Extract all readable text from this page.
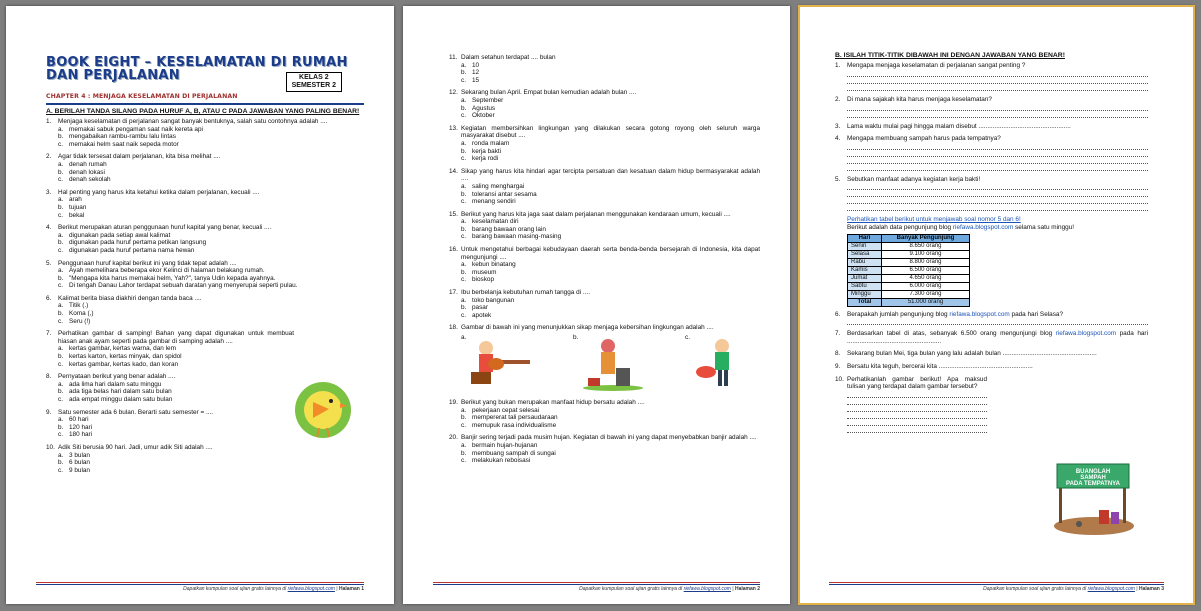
BOOK EIGHT – KESELAMATAN DI RUMAH
DAN PERJALANAN	KELAS 2
SEMESTER 2
CHAPTER 4 : MENJAGA KESELAMATAN DI PERJALANAN
A. BERILAH TANDA SILANG PADA HURUF A, B, ATAU C PADA JAWABAN YANG PALING BENAR!
1.	Menjaga keselamatan di perjalanan sangat banyak bentuknya, salah satu contohnya adalah ....
a. memakai sabuk pengaman saat naik kereta api
b. mengabaikan rambu-rambu lalu lintas
c. memakai helm saat naik sepeda motor
2.	Agar tidak tersesat dalam perjalanan, kita bisa melihat ....
a. denah rumah
b. denah lokasi
c. denah sekolah
3.	Hal penting yang harus kita ketahui ketika dalam perjalanan, kecuali ....
a. arah
b. tujuan
c. bekal
4.	Berikut merupakan aturan penggunaan huruf kapital yang benar, kecuali ....
a. digunakan pada setiap awal kalimat
b. digunakan pada huruf pertama petikan langsung
c. digunakan pada huruf pertama nama hewan
5.	Penggunaan huruf kapital berikut ini yang tidak tepat adalah ....
a. Ayah memelihara beberapa ekor Kelinci di halaman belakang rumah.
b. "Mengapa kita harus memakai helm, Yah?", tanya Udin kepada ayahnya.
c. Di tengah Danau Lahor terdapat sebuah daratan yang menyerupai seperti pulau.
6.	Kalimat berita biasa diakhiri dengan tanda baca ....
a. Titik (.)
b. Koma (,)
c. Seru (!)
7.	Perhatikan gambar di samping! Bahan yang dapat digunakan untuk membuat hiasan anak ayam seperti pada gambar di samping adalah ....
a. kertas gambar, kertas warna, dan lem
b. kertas karton, kertas minyak, dan spidol
c. kertas gambar, kertas kado, dan koran
8.	Pernyataan berikut yang benar adalah ....
a. ada lima hari dalam satu minggu
b. ada tiga belas hari dalam satu bulan
c. ada empat minggu dalam satu bulan
9.	Satu semester ada 6 bulan. Berarti satu semester = ....
a. 60 hari
b. 120 hari
c. 180 hari
10. Adik Siti berusia 90 hari. Jadi, umur adik Siti adalah ....
a. 3 bulan
b. 6 bulan
c. 9 bulan
Dapatkan kumpulan soal ujian gratis lainnya di riefawa.blogspot.com | Halaman 1
11. Dalam setahun terdapat .... bulan
a. 10
b. 12
c. 15
12. Sekarang bulan April. Empat bulan kemudian adalah bulan ....
a. September
b. Agustus
c. Oktober
13. Kegiatan membersihkan lingkungan yang dilakukan secara gotong royong oleh seluruh warga masyarakat disebut ....
a. ronda malam
b. kerja bakti
c. kerja rodi
14. Sikap yang harus kita hindari agar tercipta persatuan dan kesatuan dalam hidup bermasyarakat adalah ....
a. saling menghargai
b. toleransi antar sesama
c. menang sendiri
15. Berikut yang harus kita jaga saat dalam perjalanan menggunakan kendaraan umum, kecuali ....
a. keselamatan diri
b. barang bawaan orang lain
c. barang bawaan masing-masing
16. Untuk mengetahui berbagai kebudayaan daerah serta benda-benda bersejarah di Indonesia, kita dapat mengunjungi ....
a. kebun binatang
b. museum
c. bioskop
17. Ibu berbelanja kebutuhan rumah tangga di ....
a. toko bangunan
b. pasar
c. apotek
18. Gambar di bawah ini yang menunjukkan sikap menjaga kebersihan lingkungan adalah ....
a.	b.	c.
19. Berikut yang bukan merupakan manfaat hidup bersatu adalah ....
a. pekerjaan cepat selesai
b. mempererat tali persaudaraan
c. memupuk rasa individualisme
20. Banjir sering terjadi pada musim hujan. Kegiatan di bawah ini yang dapat menyebabkan banjir adalah ....
a. bermain hujan-hujanan
b. membuang sampah di sungai
c. melakukan reboisasi
Dapatkan kumpulan soal ujian gratis lainnya di riefawa.blogspot.com | Halaman 2
B. ISILAH TITIK-TITIK DIBAWAH INI DENGAN JAWABAN YANG BENAR!
1.	Mengapa menjaga keselamatan di perjalanan sangat penting ?
2.	Di mana sajakah kita harus menjaga keselamatan?
3.	Lama waktu mulai pagi hingga malam disebut ....................................................
4.	Mengapa membuang sampah harus pada tempatnya?
5.	Sebutkan manfaat adanya kegiatan kerja bakti!
Perhatikan tabel berikut untuk menjawab soal nomor 5 dan 6!
Berikut adalah data pengunjung blog riefawa.blogspot.com selama satu minggu!
Hari	Banyak Pengunjung
Senin	8.650 orang
Selasa	9.100 orang
Rabu	8.800 orang
Kamis	6.500 orang
Jumat	4.650 orang
Sabtu	6.000 orang
Minggu	7.300 orang
Total	51.000 orang
6.	Berapakah jumlah pengunjung blog riefawa.blogspot.com pada hari Selasa?
7.	Berdasarkan tabel di atas, sebanyak 6.500 orang mengunjungi blog riefawa.blogspot.com pada hari .....................................................
8.	Sekarang bulan Mei, tiga bulan yang lalu adalah bulan .....................................................
9.	Bersatu kita teguh, bercerai kita .....................................................
10. Perhatikanlah gambar berikut! Apa maksud tulisan yang terdapat dalam gambar tersebut?
BUANGLAH
SAMPAH
PADA TEMPATNYA
Dapatkan kumpulan soal ujian gratis lainnya di riefawa.blogspot.com | Halaman 3
